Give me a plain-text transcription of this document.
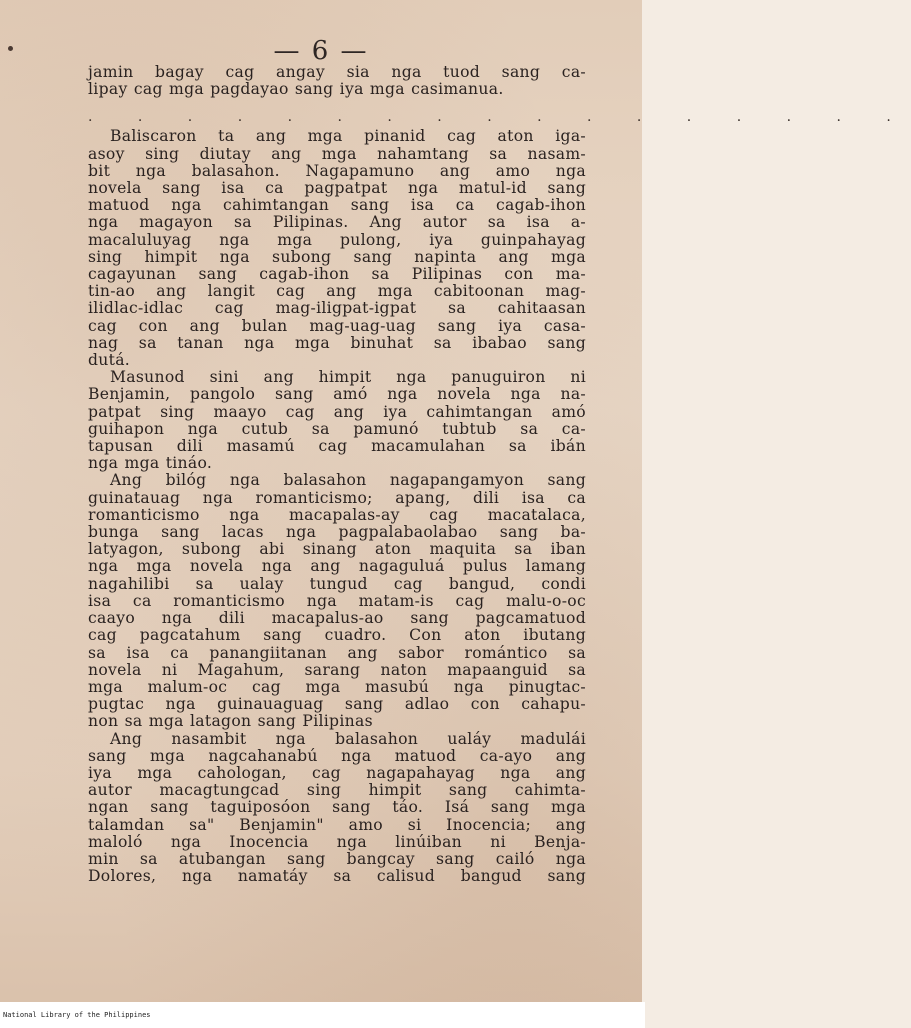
— 6 —
jamin bagay cag angay sia nga tuod sang ca-
lipay cag mga pagdayao sang iya mga casimanua.
. . . . . . . . . . . . . . . . .
Baliscaron ta ang mga pinanid cag aton iga-
asoy sing diutay ang mga nahamtang sa nasam-
bit nga balasahon. Nagapamuno ang amo nga
novela sang isa ca pagpatpat nga matul-id sang
matuod nga cahimtangan sang isa ca cagab-ihon
nga magayon sa Pilipinas. Ang autor sa isa a-
macaluluyag nga mga pulong, iya guinpahayag
sing himpit nga subong sang napinta ang mga
cagayunan sang cagab-ihon sa Pilipinas con ma-
tin-ao ang langit cag ang mga cabitoonan mag-
ilidlac-idlac cag mag-iligpat-igpat sa cahitaasan
cag con ang bulan mag-uag-uag sang iya casa-
nag sa tanan nga mga binuhat sa ibabao sang
dutá.
Masunod sini ang himpit nga panuguiron ni
Benjamin, pangolo sang amó nga novela nga na-
patpat sing maayo cag ang iya cahimtangan amó
guihapon nga cutub sa pamunó tubtub sa ca-
tapusan dili masamú cag macamulahan sa ibán
nga mga tináo.
Ang bilóg nga balasahon nagapangamyon sang
guinatauag nga romanticismo; apang, dili isa ca
romanticismo nga macapalas-ay cag macatalaca,
bunga sang lacas nga pagpalabaolabao sang ba-
latyagon, subong abi sinang aton maquita sa iban
nga mga novela nga ang nagaguluá pulus lamang
nagahilibi sa ualay tungud cag bangud, condi
isa ca romanticismo nga matam-is cag malu-o-oc
caayo nga dili macapalus-ao sang pagcamatuod
cag pagcatahum sang cuadro. Con aton ibutang
sa isa ca panangiitanan ang sabor romántico sa
novela ni Magahum, sarang naton mapaanguid sa
mga malum-oc cag mga masubú nga pinugtac-
pugtac nga guinauaguag sang adlao con cahapu-
non sa mga latagon sang Pilipinas
Ang nasambit nga balasahon ualáy madulái
sang mga nagcahanabú nga matuod ca-ayo ang
iya mga cahologan, cag nagapahayag nga ang
autor macagtungcad sing himpit sang cahimta-
ngan sang taguiposóon sang táo. Isá sang mga
talamdan sa" Benjamin" amo si Inocencia; ang
maloló nga Inocencia nga linúiban ni Benja-
min sa atubangan sang bangcay sang cailó nga
Dolores, nga namatáy sa calisud bangud sang
National Library of the Philippines
